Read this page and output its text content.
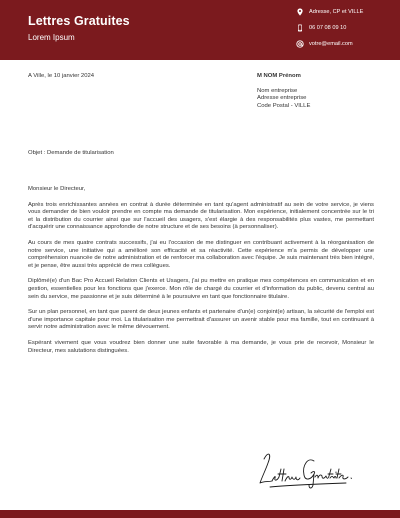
Lettres Gratuites
Lorem Ipsum
Adresse, CP et VILLE
06 07 08 09 10
votre@email.com
A Ville, le 10 janvier 2024	M NOM Prénom
Nom entreprise
Adresse entreprise
Code Postal - VILLE
Objet : Demande de titularisation

Monsieur le Directeur,

Après trois enrichissantes années en contrat à durée déterminée en tant qu'agent administratif au sein de votre service, je viens vous demander de bien vouloir prendre en compte ma demande de titularisation. Mon expérience, initialement concentrée sur le tri et la distribution du courrier ainsi que sur l'accueil des usagers, s'est élargie à des responsabilités plus vastes, me permettant d'acquérir une connaissance approfondie de notre structure et de ses besoins (à personnaliser).

Au cours de mes quatre contrats successifs, j'ai eu l'occasion de me distinguer en contribuant activement à la réorganisation de notre service, une initiative qui a amélioré son efficacité et sa réactivité. Cette expérience m'a permis de développer une compréhension nuancée de notre administration et de renforcer ma collaboration avec l'équipe. Je suis maintenant très bien intégré, et je pense, être aussi très apprécié de mes collègues.

Diplômé(e) d'un Bac Pro Accueil Relation Clients et Usagers, j'ai pu mettre en pratique mes compétences en communication et en gestion, essentielles pour les fonctions que j'exerce. Mon rôle de chargé du courrier et d'information du public, devenu central au sein du service, me passionne et je suis déterminé à le poursuivre en tant que fonctionnaire titulaire.

Sur un plan personnel, en tant que parent de deux jeunes enfants et partenaire d'un(e) conjoint(e) artisan, la sécurité de l'emploi est d'une importance capitale pour moi. La titularisation me permettrait d'assurer un avenir stable pour ma famille, tout en continuant à servir notre administration avec le même dévouement.

Espérant vivement que vous voudrez bien donner une suite favorable à ma demande, je vous prie de recevoir, Monsieur le Directeur, mes salutations distinguées.
